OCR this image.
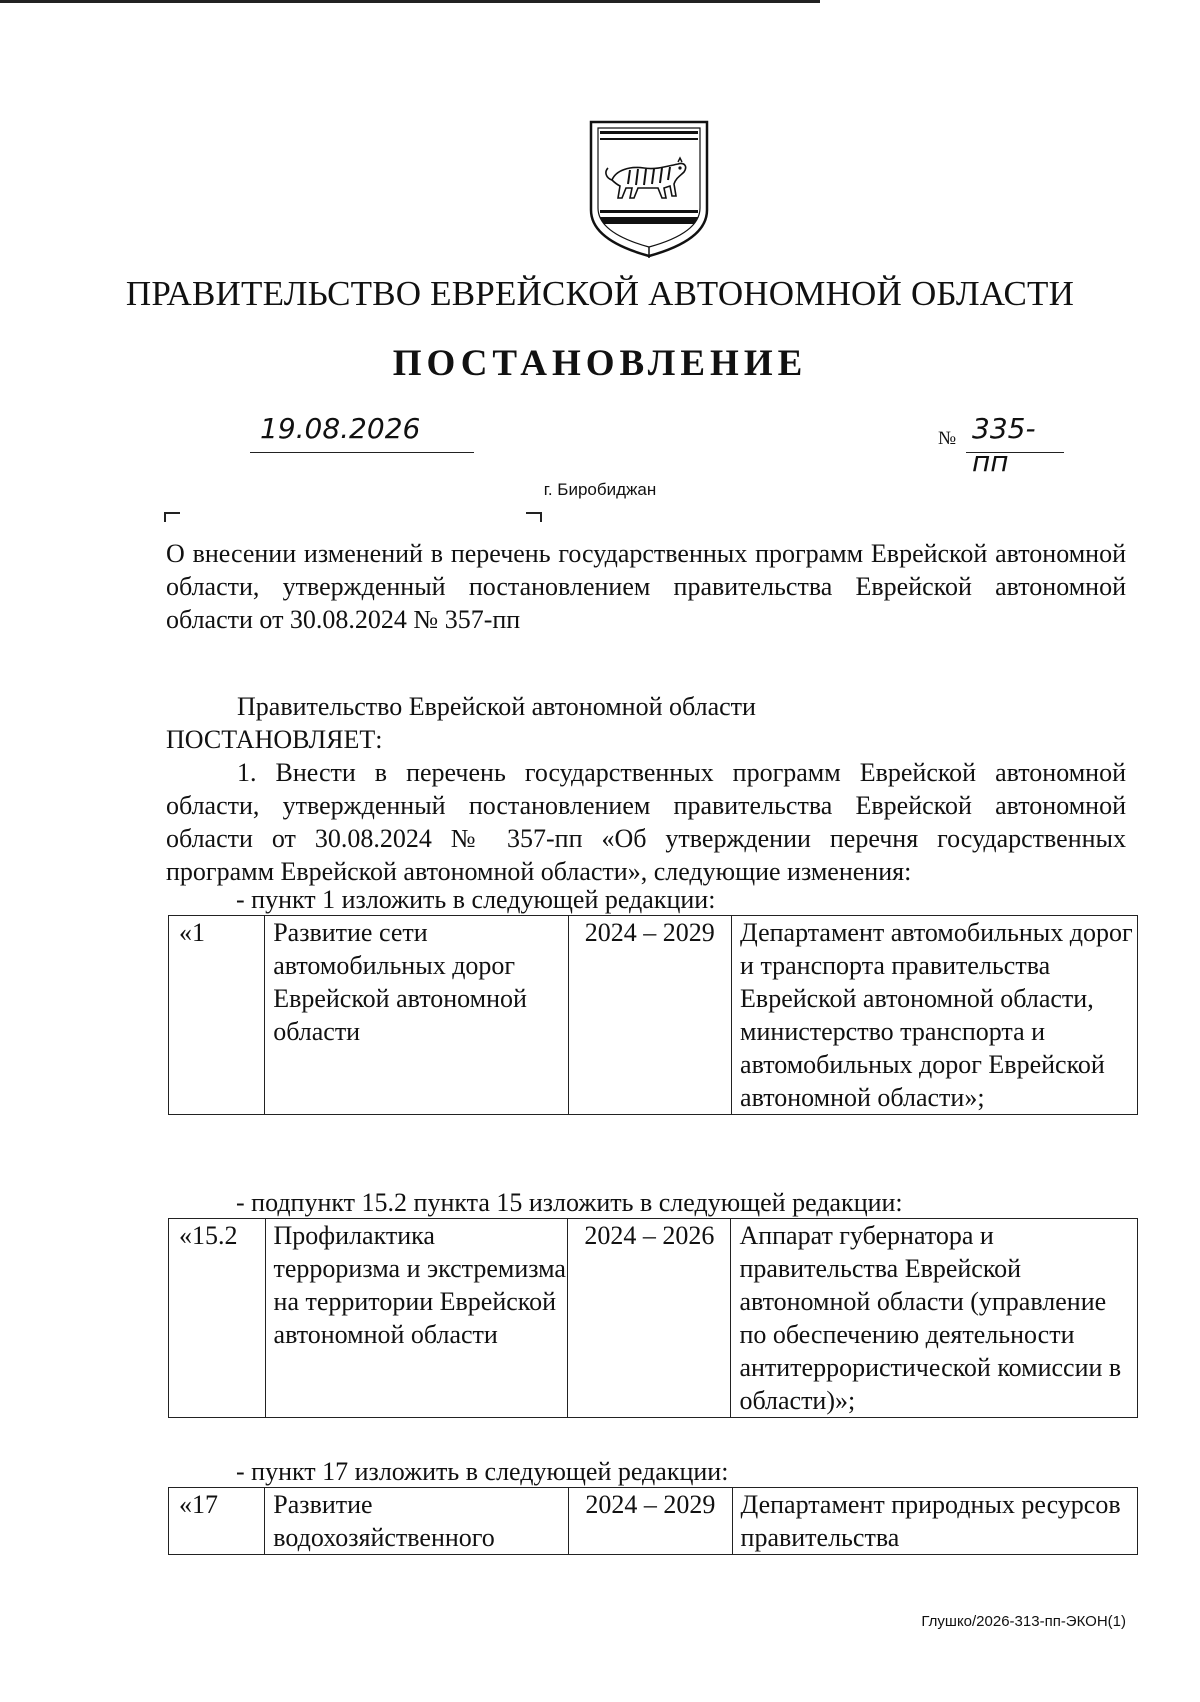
ПРАВИТЕЛЬСТВО ЕВРЕЙСКОЙ АВТОНОМНОЙ ОБЛАСТИ
ПОСТАНОВЛЕНИЕ
19.08.2026	№ 335-пп
г. Биробиджан
О внесении изменений в перечень государственных программ Еврейской автономной области, утвержденный постановлением правительства Еврейской автономной области от 30.08.2024 № 357-пп
Правительство Еврейской автономной области
ПОСТАНОВЛЯЕТ:
1. Внести в перечень государственных программ Еврейской автономной области, утвержденный постановлением правительства Еврейской автономной области от 30.08.2024 № 357-пп «Об утверждении перечня государственных программ Еврейской автономной области», следующие изменения:
- пункт 1 изложить в следующей редакции:
«1	Развитие сети автомобильных дорог Еврейской автономной области	2024 – 2029	Департамент автомобильных дорог и транспорта правительства Еврейской автономной области, министерство транспорта и автомобильных дорог Еврейской автономной области»;
- подпункт 15.2 пункта 15 изложить в следующей редакции:
«15.2	Профилактика терроризма и экстремизма на территории Еврейской автономной области	2024 – 2026	Аппарат губернатора и правительства Еврейской автономной области (управление по обеспечению деятельности антитеррористической комиссии в области)»;
- пункт 17 изложить в следующей редакции:
«17	Развитие водохозяйственного	2024 – 2029	Департамент природных ресурсов правительства
Глушко/2026-313-пп-ЭКОН(1)
